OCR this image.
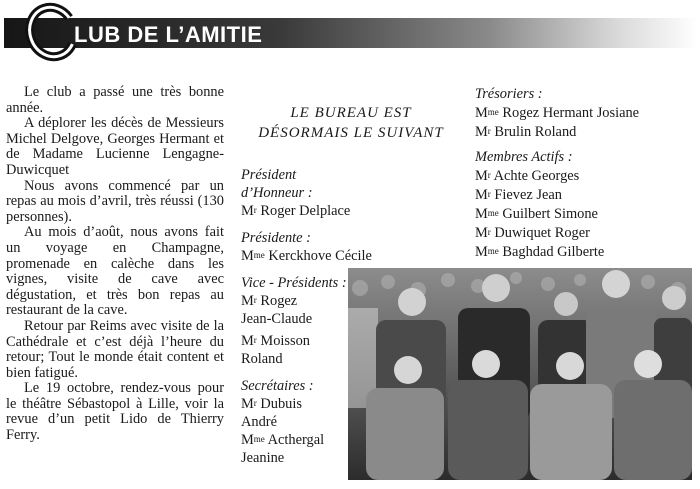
LUB DE L’AMITIE

Le club a passé une très bonne année.

A déplorer les décès de Messieurs Michel Delgove, Georges Hermant et de Madame Lucienne Lengagne-Duwicquet

Nous avons commencé par un repas au mois d’avril, très réussi (130 personnes).

Au mois d’août, nous avons fait un voyage en Champagne, promenade en calèche dans les vignes, visite de cave avec dégustation, et très bon repas au restaurant de la cave.

Retour par Reims avec visite de la Cathédrale et c’est déjà l’heure du retour; Tout le monde était content et bien fatigué.

Le 19 octobre, rendez-vous pour le théâtre Sébastopol à Lille, voir la revue d’un petit Lido de Thierry Ferry.

LE BUREAU EST
DÉSORMAIS LE SUIVANT
Président d’Honneur :
$M^r$ Roger Delplace
Présidente :
$M^{me}$ Kerckhove Cécile
Vice - Présidents :
$M^r$ Rogez
Jean-Claude
$M^r$ Moisson
Roland
Secrétaires :
$M^r$ Dubuis
André
$M^{me}$ Acthergal
Jeanine
Trésoriers :
$M^{me}$ Rogez Hermant Josiane
$M^r$ Brulin Roland
Membres Actifs :
$M^r$ Achte Georges
$M^r$ Fievez Jean
$M^{me}$ Guilbert Simone
$M^r$ Duwiquet Roger
$M^{me}$ Baghdad Gilberte
